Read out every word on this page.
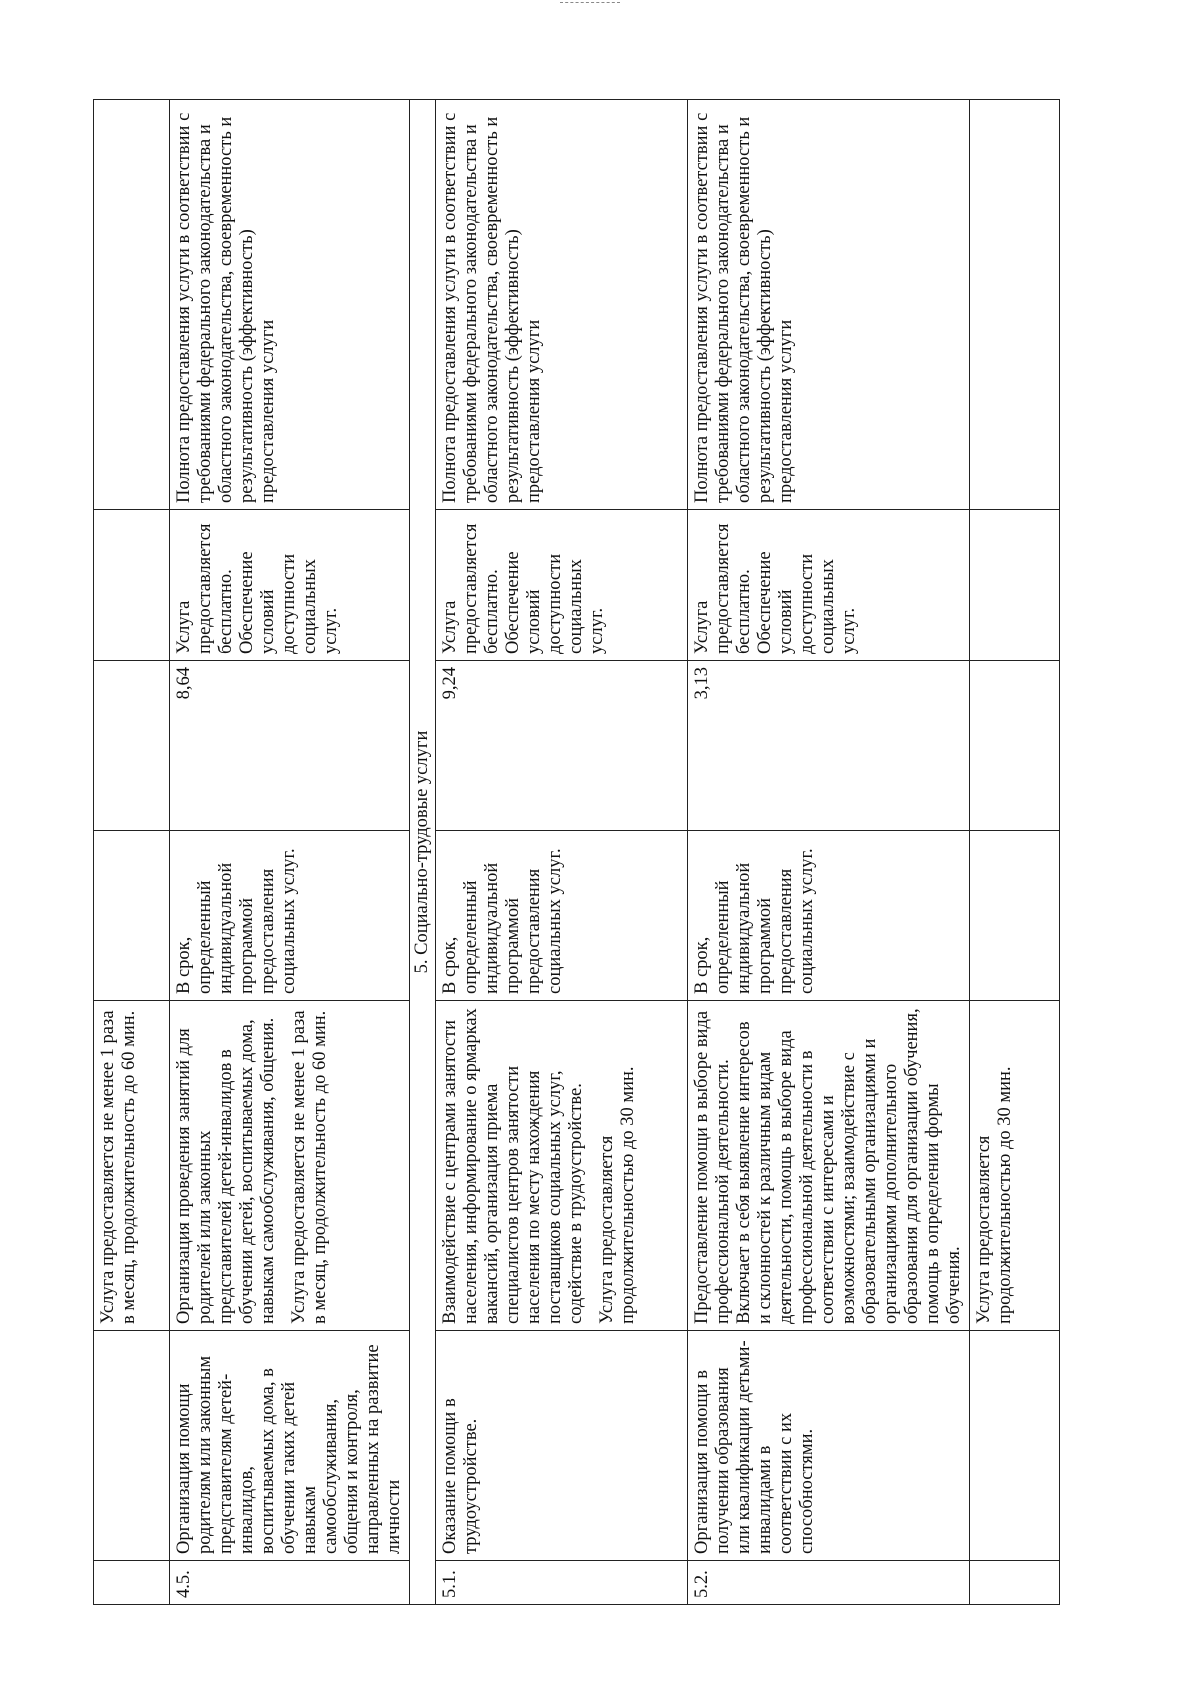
		Услуга предоставляется не менее 1 раза в месяц, продолжительность до 60 мин.				
4.5.	Организация помощи родителям или законным представителям детей-инвалидов, воспитываемых дома, в обучении таких детей навыкам самообслуживания, общения и контроля, направленных на развитие личности	Организация проведения занятий для родителей или законных представителей детей-инвалидов в обучении детей, воспитываемых дома, навыкам самообслуживания, общения. Услуга предоставляется не менее 1 раза в месяц, продолжительность до 60 мин.	В срок, определенный индивидуальной программой предоставления социальных услуг.	8,64	Услуга предоставляется бесплатно. Обеспечение условий доступности социальных услуг.	Полнота предоставления услуги в соответствии с требованиями федерального законодательства и областного законодательства, своевременность и результативность (эффективность) предоставления услуги
5. Социально-трудовые услуги						
5.1.	Оказание помощи в трудоустройстве.	Взаимодействие с центрами занятости населения, информирование о ярмарках вакансий, организация приема специалистов центров занятости населения по месту нахождения поставщиков социальных услуг, содействие в трудоустройстве. Услуга предоставляется продолжительностью до 30 мин.	В срок, определенный индивидуальной программой предоставления социальных услуг.	9,24	Услуга предоставляется бесплатно. Обеспечение условий доступности социальных услуг.	Полнота предоставления услуги в соответствии с требованиями федерального законодательства и областного законодательства, своевременность и результативность (эффективность) предоставления услуги
5.2.	Организация помощи в получении образования или квалификации детьми-инвалидами в соответствии с их способностями.	Предоставление помощи в выборе вида профессиональной деятельности. Включает в себя выявление интересов и склонностей к различным видам деятельности, помощь в выборе вида профессиональной деятельности в соответствии с интересами и возможностями; взаимодействие с образовательными организациями и организациями дополнительного образования для организации обучения, помощь в определении формы обучения.	В срок, определенный индивидуальной программой предоставления социальных услуг.	3,13	Услуга предоставляется бесплатно. Обеспечение условий доступности социальных услуг.	Полнота предоставления услуги в соответствии с требованиями федерального законодательства и областного законодательства, своевременность и результативность (эффективность) предоставления услуги
		Услуга предоставляется продолжительностью до 30 мин.				
